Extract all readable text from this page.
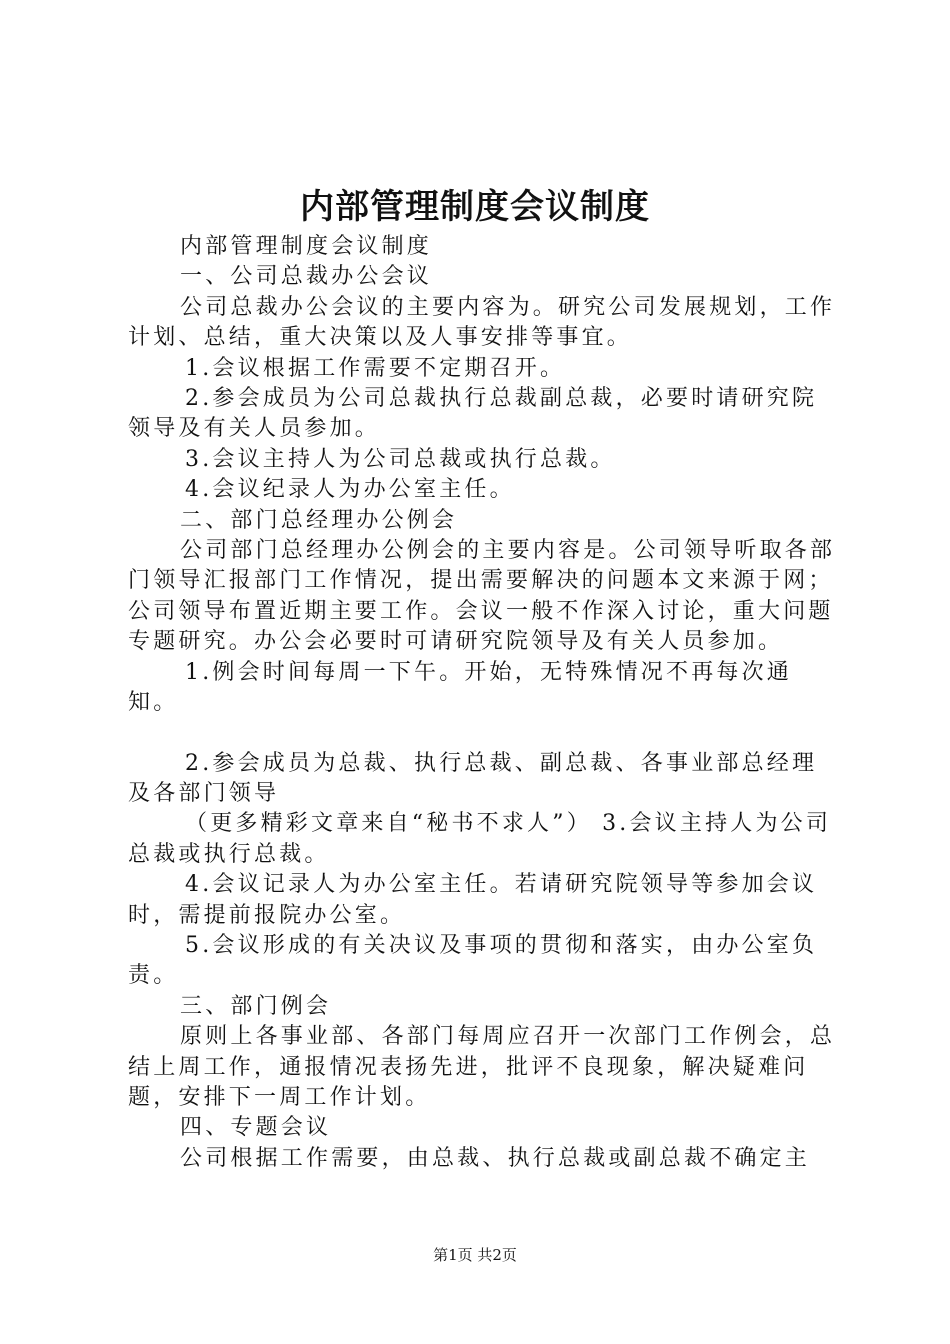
内部管理制度会议制度

内部管理制度会议制度

一、公司总裁办公会议

公司总裁办公会议的主要内容为。研究公司发展规划，工作计划、总结，重大决策以及人事安排等事宜。

1.会议根据工作需要不定期召开。

2.参会成员为公司总裁执行总裁副总裁，必要时请研究院领导及有关人员参加。

3.会议主持人为公司总裁或执行总裁。

4.会议纪录人为办公室主任。

二、部门总经理办公例会

公司部门总经理办公例会的主要内容是。公司领导听取各部门领导汇报部门工作情况，提出需要解决的问题本文来源于网；公司领导布置近期主要工作。会议一般不作深入讨论，重大问题专题研究。办公会必要时可请研究院领导及有关人员参加。

1.例会时间每周一下午。开始，无特殊情况不再每次通知。

2.参会成员为总裁、执行总裁、副总裁、各事业部总经理及各部门领导

（更多精彩文章来自“秘书不求人”） 3.会议主持人为公司总裁或执行总裁。

4.会议记录人为办公室主任。若请研究院领导等参加会议时，需提前报院办公室。

5.会议形成的有关决议及事项的贯彻和落实，由办公室负责。

三、部门例会

原则上各事业部、各部门每周应召开一次部门工作例会，总结上周工作，通报情况表扬先进，批评不良现象，解决疑难问题，安排下一周工作计划。

四、专题会议

公司根据工作需要，由总裁、执行总裁或副总裁不确定主

第1页 共2页
